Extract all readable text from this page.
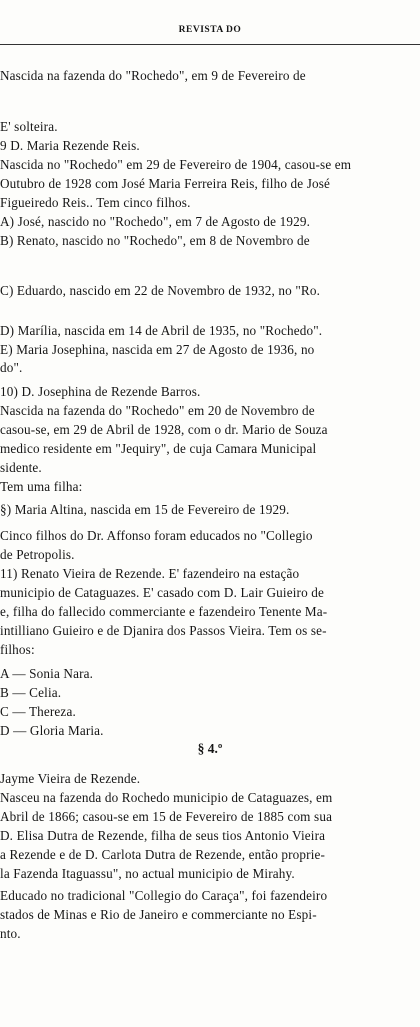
REVISTA DO
Nascida na fazenda do "Rochedo", em 9 de Fevereiro de
E' solteira.
9 D. Maria Rezende Reis.
Nascida no "Rochedo" em 29 de Fevereiro de 1904, casou-se em
Outubro de 1928 com José Maria Ferreira Reis, filho de José
Figueiredo Reis.. Tem cinco filhos.
A) José, nascido no "Rochedo", em 7 de Agosto de 1929.
B) Renato, nascido no "Rochedo", em 8 de Novembro de
C) Eduardo, nascido em 22 de Novembro de 1932, no "Ro.
D) Marília, nascida em 14 de Abril de 1935, no "Rochedo".
E) Maria Josephina, nascida em 27 de Agosto de 1936, no
do".
10) D. Josephina de Rezende Barros.
Nascida na fazenda do "Rochedo" em 20 de Novembro de
casou-se, em 29 de Abril de 1928, com o dr. Mario de Souza
medico residente em "Jequiry", de cuja Camara Municipal
sidente.
Tem uma filha:
§) Maria Altina, nascida em 15 de Fevereiro de 1929.
Cinco filhos do Dr. Affonso foram educados no "Collegio
de Petropolis.
11) Renato Vieira de Rezende. E' fazendeiro na estação
municipio de Cataguazes. E' casado com D. Lair Guieiro de
e, filha do fallecido commerciante e fazendeiro Tenente Ma-
intilliano Guieiro e de Djanira dos Passos Vieira. Tem os se-
filhos:
A — Sonia Nara.
B — Celia.
C — Thereza.
D — Gloria Maria.
§ 4.º
Jayme Vieira de Rezende.
Nasceu na fazenda do Rochedo municipio de Cataguazes, em
Abril de 1866; casou-se em 15 de Fevereiro de 1885 com sua
D. Elisa Dutra de Rezende, filha de seus tios Antonio Vieira
a Rezende e de D. Carlota Dutra de Rezende, então proprie-
la Fazenda Itaguassu", no actual municipio de Mirahy.
Educado no tradicional "Collegio do Caraça", foi fazendeiro
stados de Minas e Rio de Janeiro e commerciante no Espi-
nto.
